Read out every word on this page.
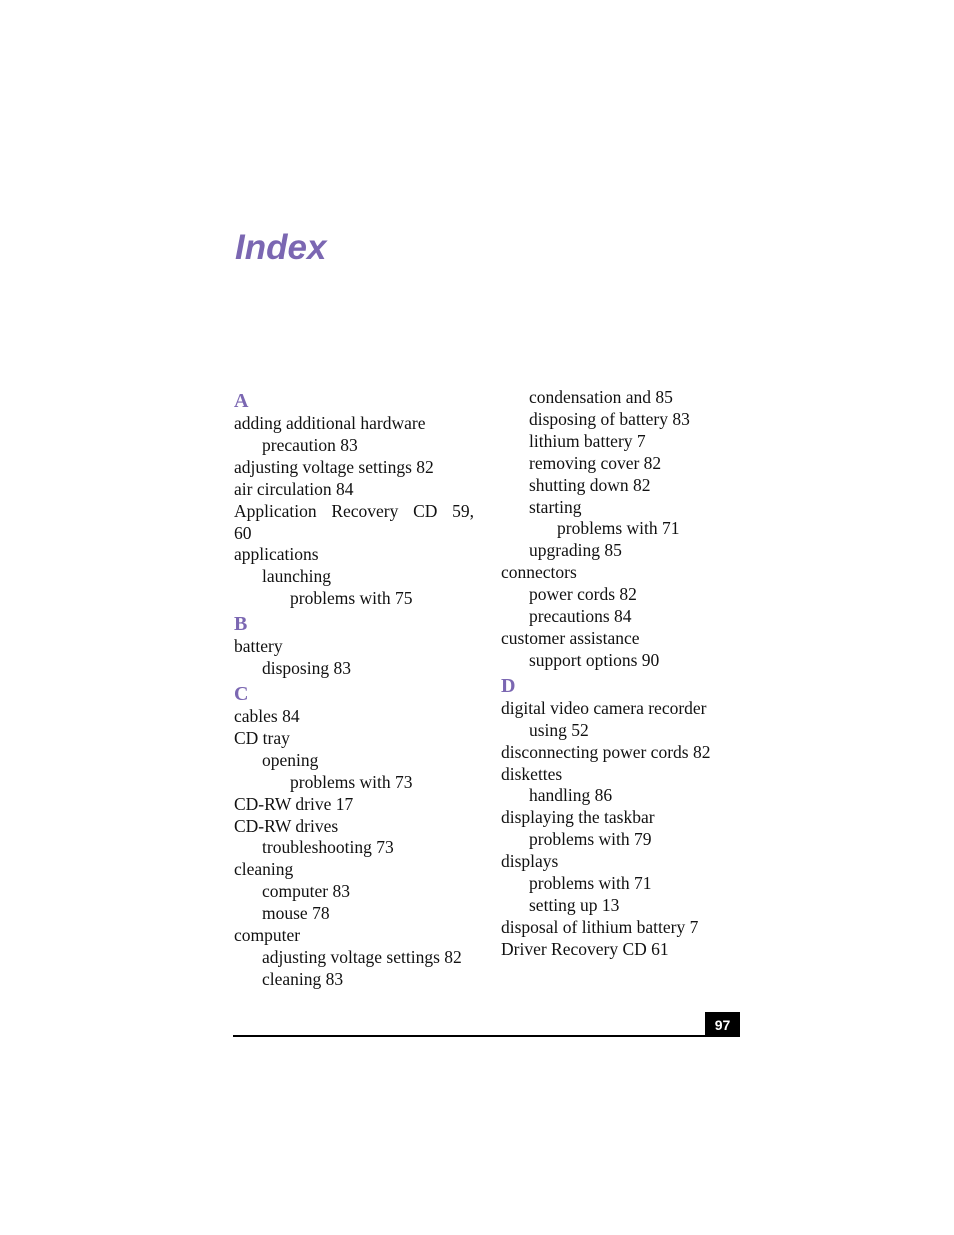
Index
A
adding additional hardware
precaution 83
adjusting voltage settings 82
air circulation 84
Application Recovery CD 59,
60
applications
launching
problems with 75
B
battery
disposing 83
C
cables 84
CD tray
opening
problems with 73
CD-RW drive 17
CD-RW drives
troubleshooting 73
cleaning
computer 83
mouse 78
computer
adjusting voltage settings 82
cleaning 83
condensation and 85
disposing of battery 83
lithium battery 7
removing cover 82
shutting down 82
starting
problems with 71
upgrading 85
connectors
power cords 82
precautions 84
customer assistance
support options 90
D
digital video camera recorder
using 52
disconnecting power cords 82
diskettes
handling 86
displaying the taskbar
problems with 79
displays
problems with 71
setting up 13
disposal of lithium battery 7
Driver Recovery CD 61
97
